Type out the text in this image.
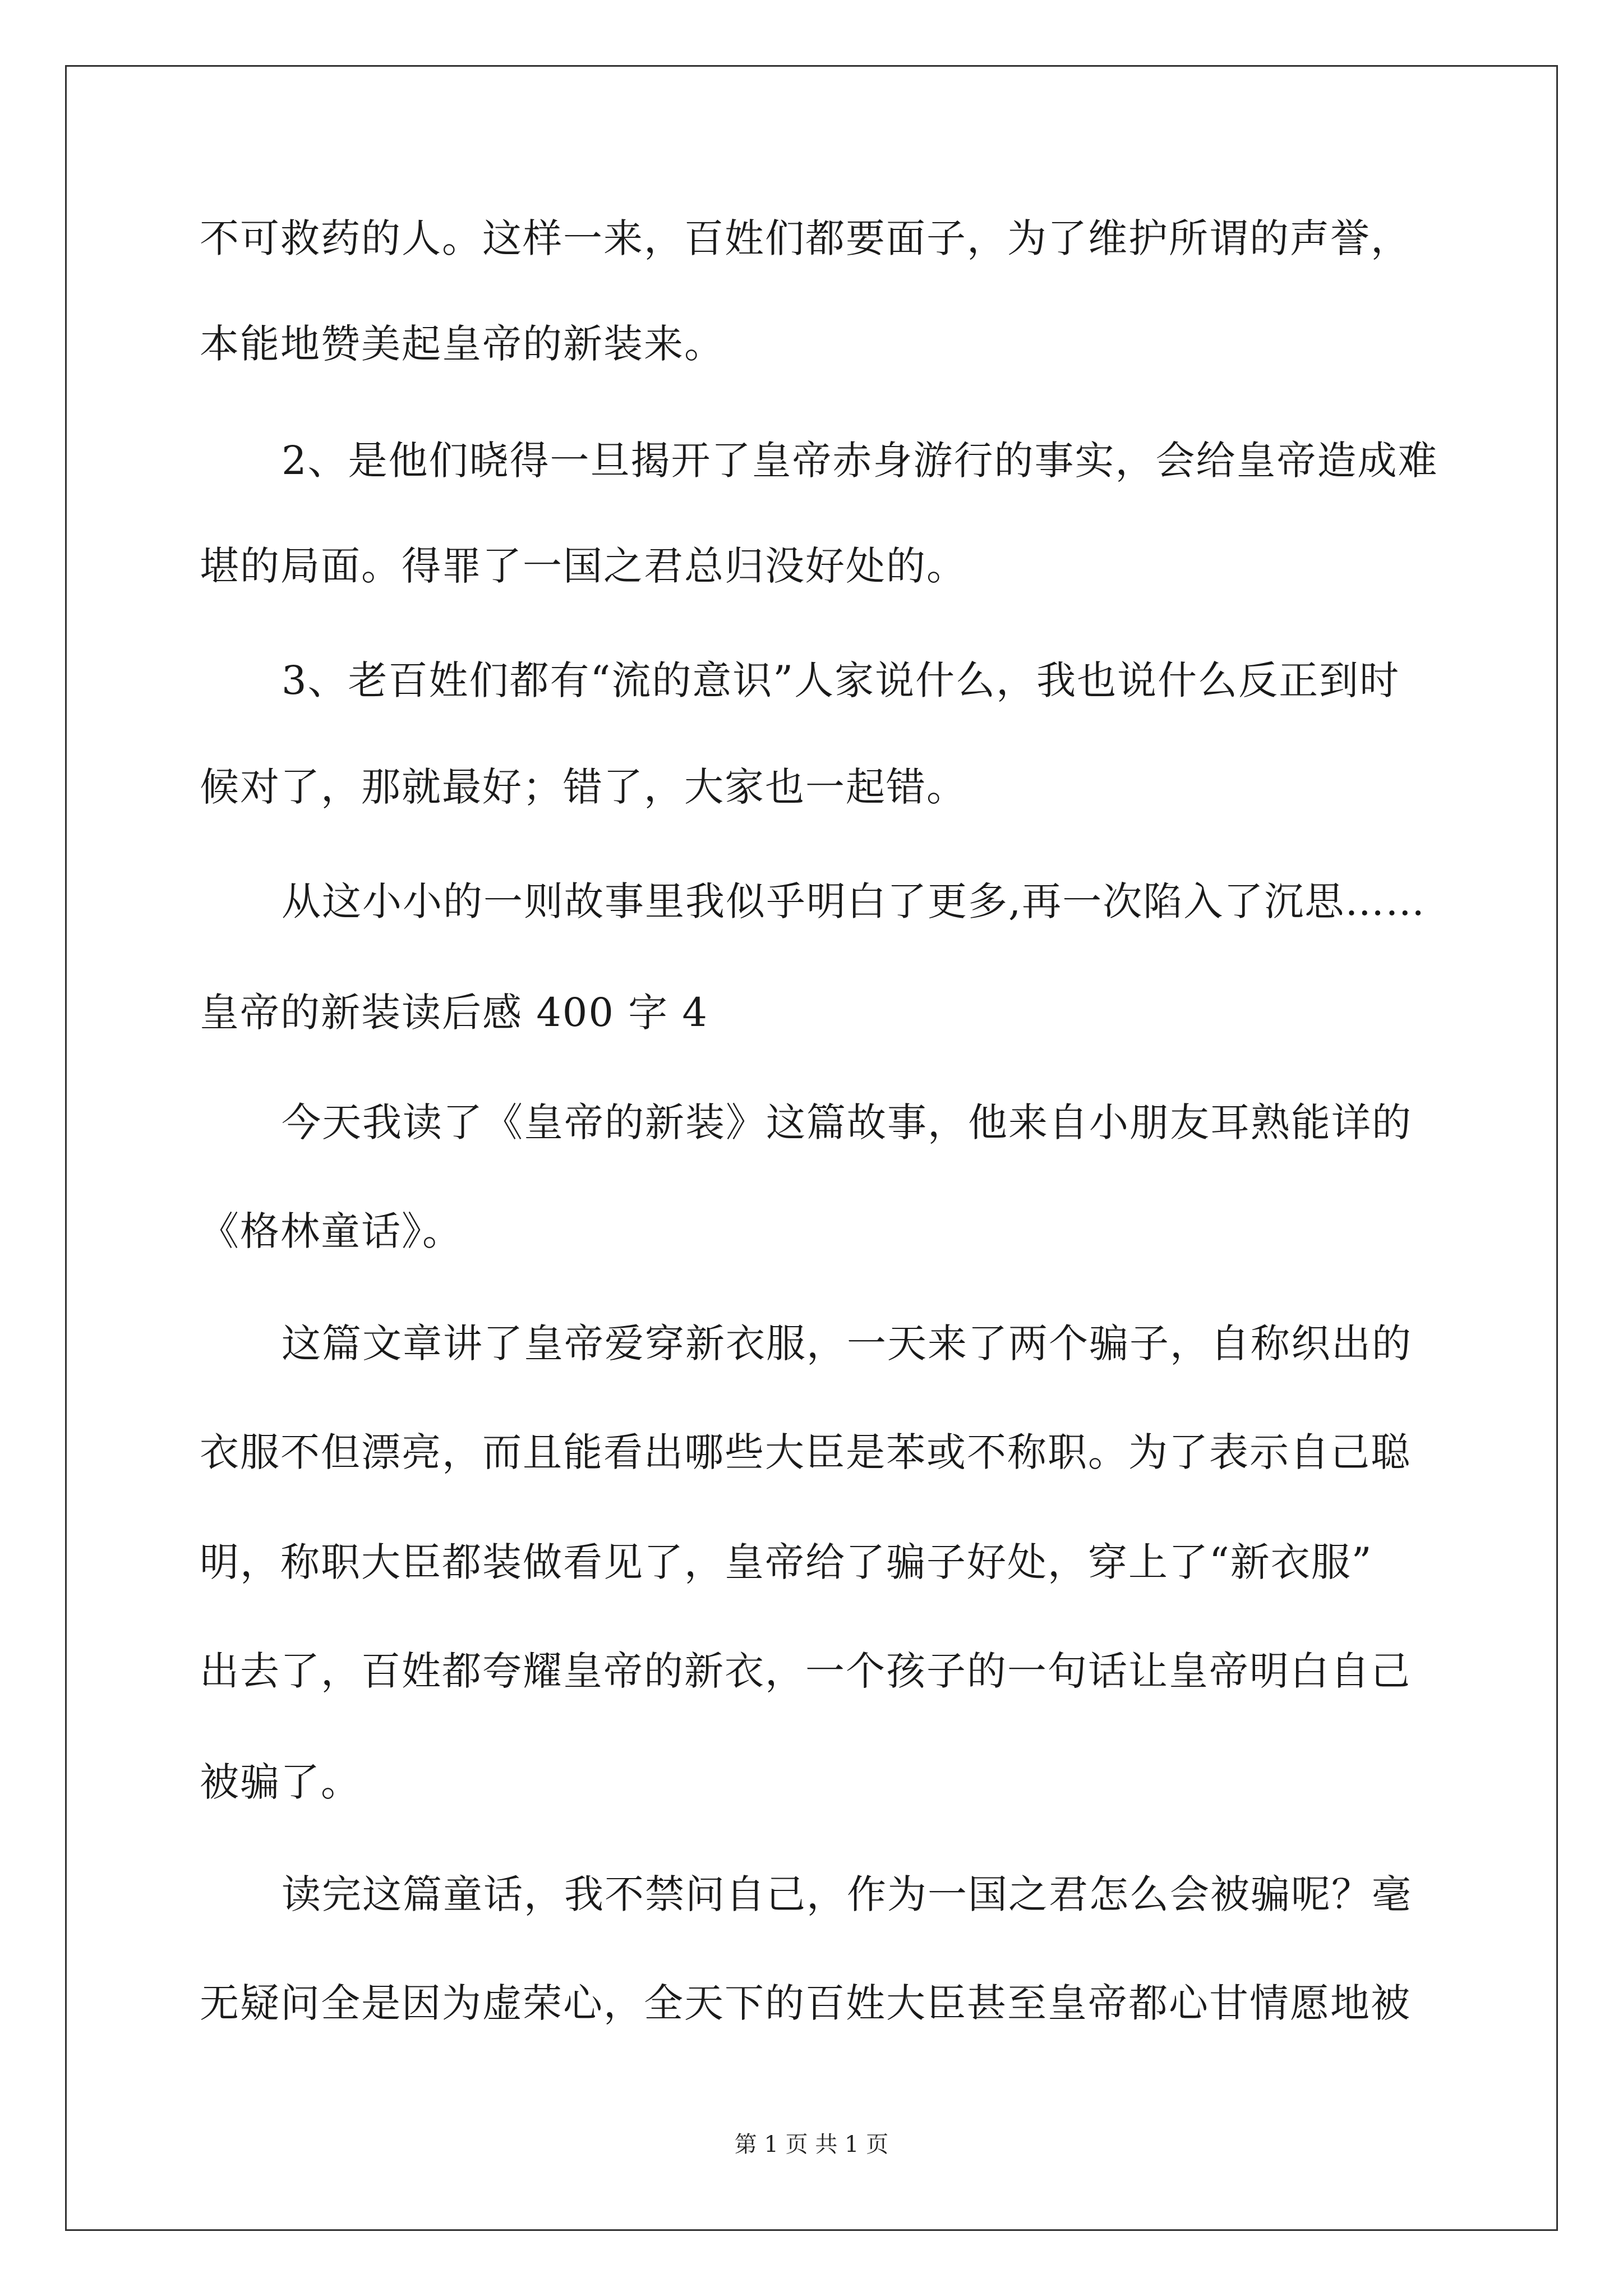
不可救药的人。这样一来，百姓们都要面子，为了维护所谓的声誉，
本能地赞美起皇帝的新装来。
2、是他们晓得一旦揭开了皇帝赤身游行的事实，会给皇帝造成难
堪的局面。得罪了一国之君总归没好处的。
3、老百姓们都有“流的意识”人家说什么，我也说什么反正到时
候对了，那就最好；错了，大家也一起错。
从这小小的一则故事里我似乎明白了更多,再一次陷入了沉思……
皇帝的新装读后感 400 字 4
今天我读了《皇帝的新装》这篇故事，他来自小朋友耳熟能详的
《格林童话》。
这篇文章讲了皇帝爱穿新衣服，一天来了两个骗子，自称织出的
衣服不但漂亮，而且能看出哪些大臣是苯或不称职。为了表示自己聪
明，称职大臣都装做看见了，皇帝给了骗子好处，穿上了“新衣服”
出去了，百姓都夸耀皇帝的新衣，一个孩子的一句话让皇帝明白自己
被骗了。
读完这篇童话，我不禁问自己，作为一国之君怎么会被骗呢？毫
无疑问全是因为虚荣心，全天下的百姓大臣甚至皇帝都心甘情愿地被
第 1 页 共 1 页
